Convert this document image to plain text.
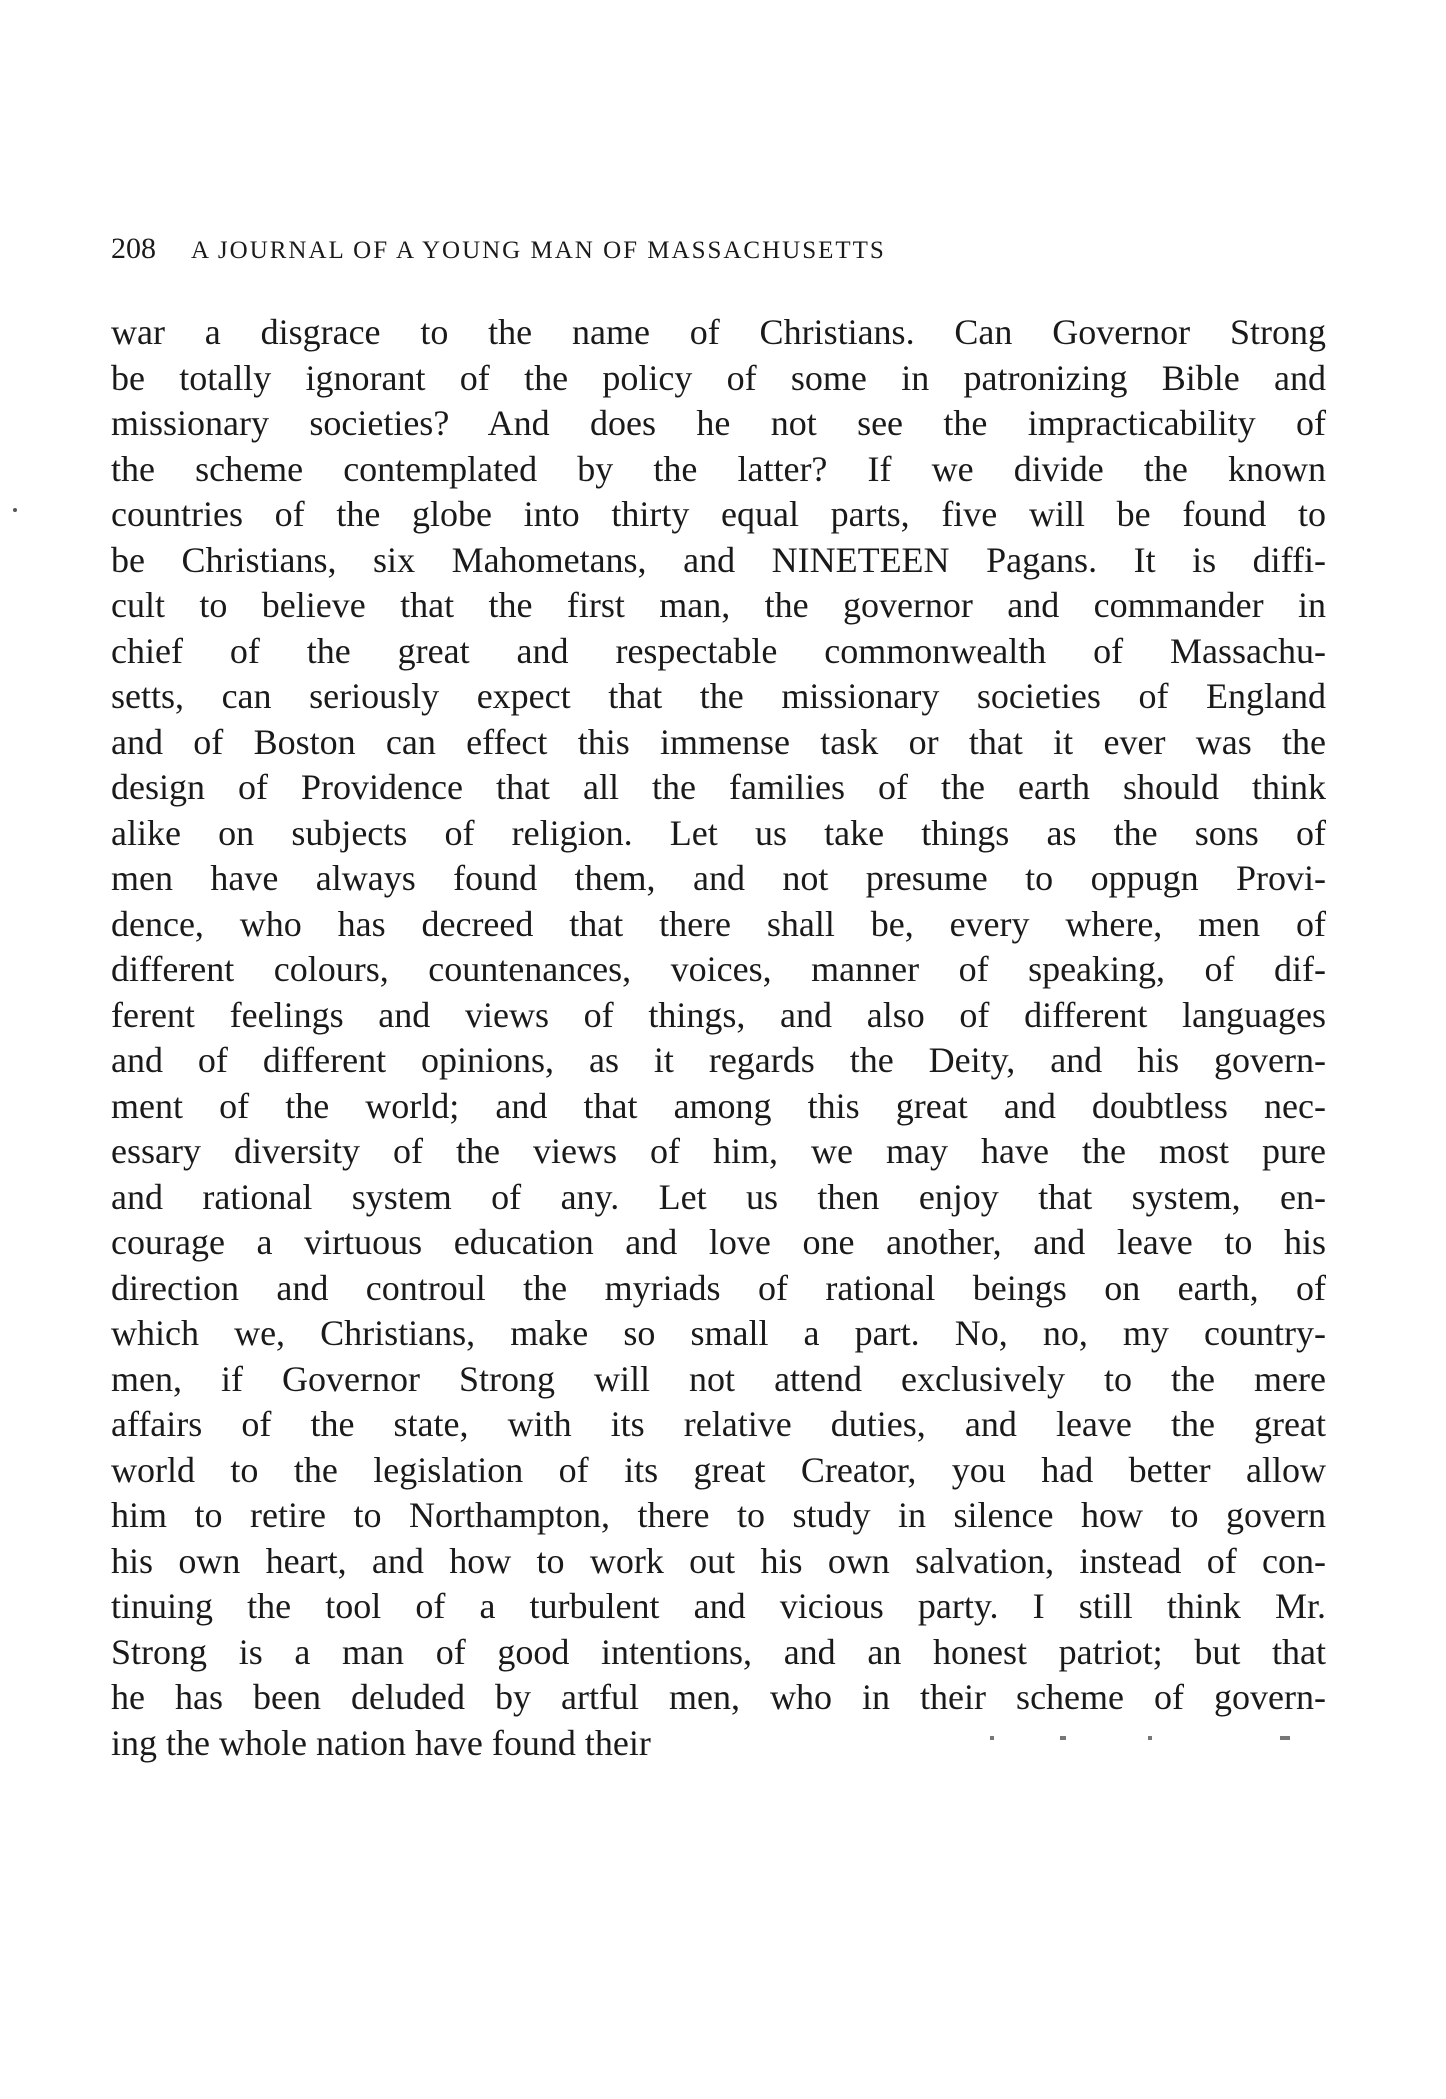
208 A JOURNAL OF A YOUNG MAN OF MASSACHUSETTS
war a disgrace to the name of Christians. Can Governor Strong
be totally ignorant of the policy of some in patronizing Bible and
missionary societies? And does he not see the impracticability of
the scheme contemplated by the latter? If we divide the known
countries of the globe into thirty equal parts, five will be found to
be Christians, six Mahometans, and NINETEEN Pagans. It is diffi-
cult to believe that the first man, the governor and commander in
chief of the great and respectable commonwealth of Massachu-
setts, can seriously expect that the missionary societies of England
and of Boston can effect this immense task or that it ever was the
design of Providence that all the families of the earth should think
alike on subjects of religion. Let us take things as the sons of
men have always found them, and not presume to oppugn Provi-
dence, who has decreed that there shall be, every where, men of
different colours, countenances, voices, manner of speaking, of dif-
ferent feelings and views of things, and also of different languages
and of different opinions, as it regards the Deity, and his govern-
ment of the world; and that among this great and doubtless nec-
essary diversity of the views of him, we may have the most pure
and rational system of any. Let us then enjoy that system, en-
courage a virtuous education and love one another, and leave to his
direction and controul the myriads of rational beings on earth, of
which we, Christians, make so small a part. No, no, my country-
men, if Governor Strong will not attend exclusively to the mere
affairs of the state, with its relative duties, and leave the great
world to the legislation of its great Creator, you had better allow
him to retire to Northampton, there to study in silence how to govern
his own heart, and how to work out his own salvation, instead of con-
tinuing the tool of a turbulent and vicious party. I still think Mr.
Strong is a man of good intentions, and an honest patriot; but that
he has been deluded by artful men, who in their scheme of govern-
ing the whole nation have found their
